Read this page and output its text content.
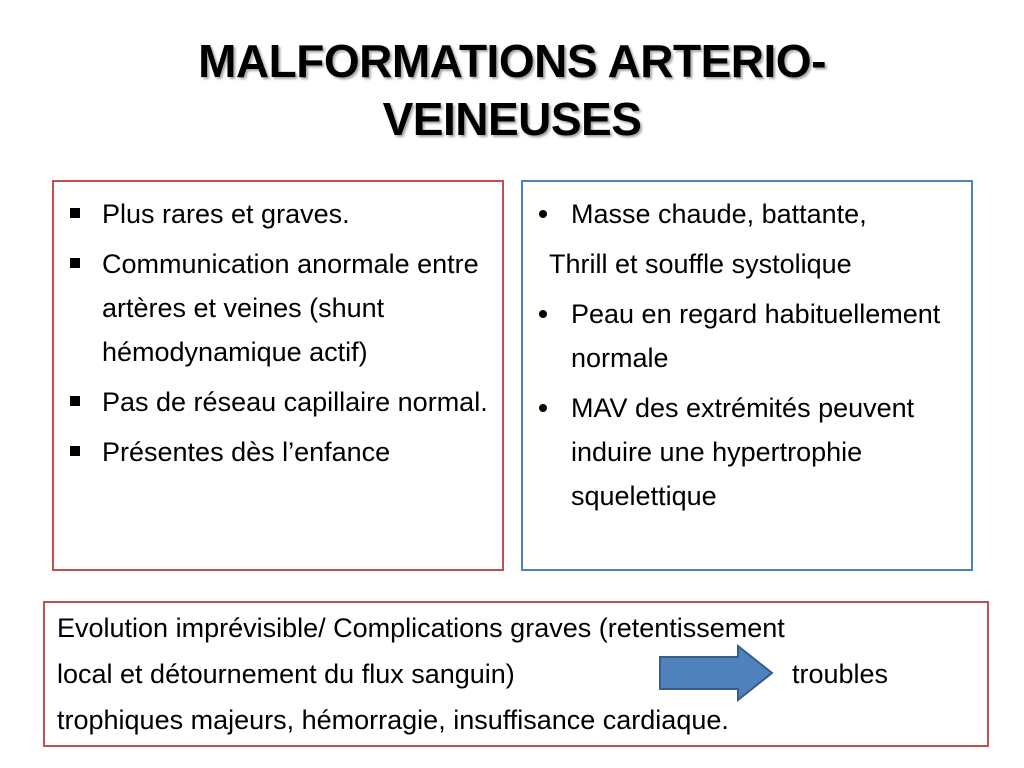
MALFORMATIONS ARTERIO-
VEINEUSES
Plus rares et graves.
Communication anormale entre artères et veines (shunt hémodynamique actif)
Pas de réseau capillaire normal.
Présentes dès l’enfance
Masse chaude, battante,
Thrill et souffle systolique
Peau en regard habituellement normale
MAV des extrémités peuvent induire une hypertrophie squelettique
Evolution imprévisible/ Complications graves (retentissement
local et détournement du flux sanguin)
trophiques majeurs, hémorragie, insuffisance cardiaque.
troubles
